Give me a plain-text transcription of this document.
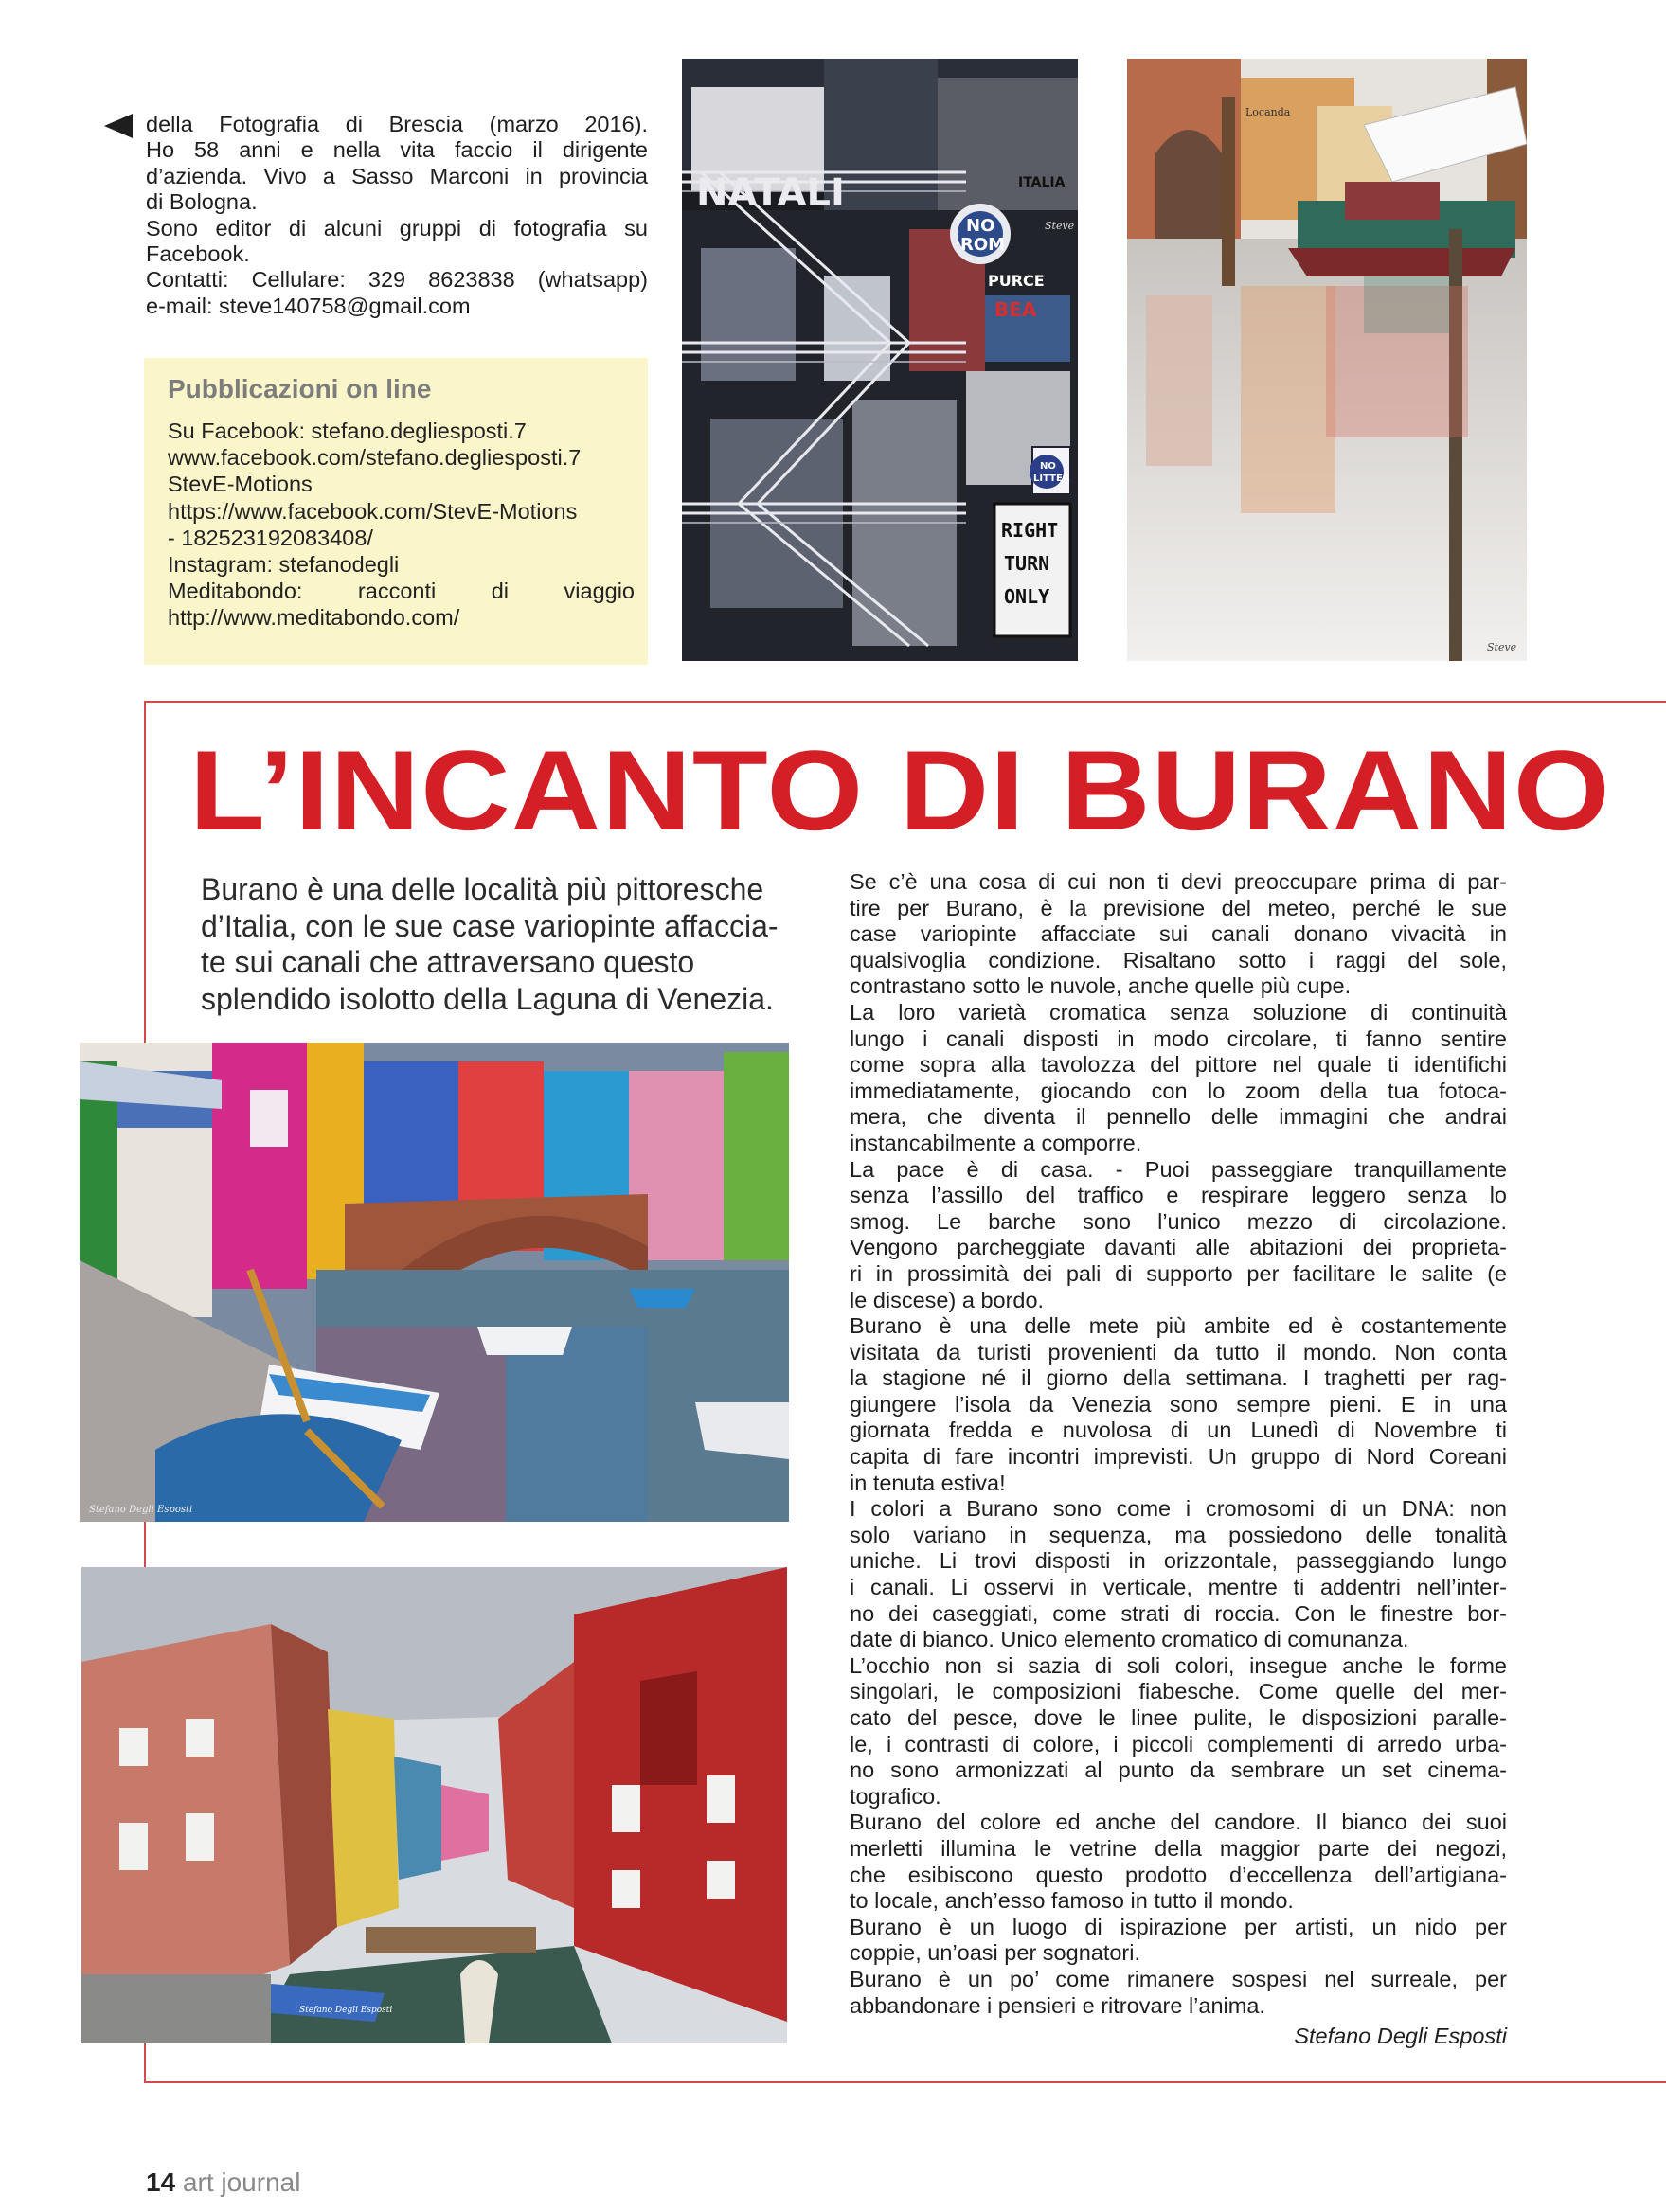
della Fotografia di Brescia (marzo 2016).
Ho 58 anni e nella vita faccio il dirigente
d’azienda. Vivo a Sasso Marconi in provincia
di Bologna.
Sono editor di alcuni gruppi di fotografia su
Facebook.
Contatti: Cellulare: 329 8623838 (whatsapp)
e-mail: steve140758@gmail.com
Pubblicazioni on line
Su Facebook: stefano.degliesposti.7
www.facebook.com/stefano.degliesposti.7
StevE-Motions
https://www.facebook.com/StevE-Motions
- 182523192083408/
Instagram: stefanodegli
Meditabondo: racconti di viaggio
http://www.meditabondo.com/
NATALI	ITALIA
NO
ROM
PURCE
BEA
NO
LITTER
RIGHT
TURN
ONLY
Steve
Locanda
Steve
L’INCANTO DI BURANO
Burano è una delle località più pittoresche
d’Italia, con le sue case variopinte affaccia-
te sui canali che attraversano questo
splendido isolotto della Laguna di Venezia.
Stefano Degli Esposti
Stefano Degli Esposti
Se c’è una cosa di cui non ti devi preoccupare prima di par-
tire per Burano, è la previsione del meteo, perché le sue
case variopinte affacciate sui canali donano vivacità in
qualsivoglia condizione. Risaltano sotto i raggi del sole,
contrastano sotto le nuvole, anche quelle più cupe.
La loro varietà cromatica senza soluzione di continuità
lungo i canali disposti in modo circolare, ti fanno sentire
come sopra alla tavolozza del pittore nel quale ti identifichi
immediatamente, giocando con lo zoom della tua fotoca-
mera, che diventa il pennello delle immagini che andrai
instancabilmente a comporre.
La pace è di casa. - Puoi passeggiare tranquillamente
senza l’assillo del traffico e respirare leggero senza lo
smog. Le barche sono l’unico mezzo di circolazione.
Vengono parcheggiate davanti alle abitazioni dei proprieta-
ri in prossimità dei pali di supporto per facilitare le salite (e
le discese) a bordo.
Burano è una delle mete più ambite ed è costantemente
visitata da turisti provenienti da tutto il mondo. Non conta
la stagione né il giorno della settimana. I traghetti per rag-
giungere l’isola da Venezia sono sempre pieni. E in una
giornata fredda e nuvolosa di un Lunedì di Novembre ti
capita di fare incontri imprevisti. Un gruppo di Nord Coreani
in tenuta estiva!
I colori a Burano sono come i cromosomi di un DNA: non
solo variano in sequenza, ma possiedono delle tonalità
uniche. Li trovi disposti in orizzontale, passeggiando lungo
i canali. Li osservi in verticale, mentre ti addentri nell’inter-
no dei caseggiati, come strati di roccia. Con le finestre bor-
date di bianco. Unico elemento cromatico di comunanza.
L’occhio non si sazia di soli colori, insegue anche le forme
singolari, le composizioni fiabesche. Come quelle del mer-
cato del pesce, dove le linee pulite, le disposizioni paralle-
le, i contrasti di colore, i piccoli complementi di arredo urba-
no sono armonizzati al punto da sembrare un set cinema-
tografico.
Burano del colore ed anche del candore. Il bianco dei suoi
merletti illumina le vetrine della maggior parte dei negozi,
che esibiscono questo prodotto d’eccellenza dell’artigiana-
to locale, anch’esso famoso in tutto il mondo.
Burano è un luogo di ispirazione per artisti, un nido per
coppie, un’oasi per sognatori.
Burano è un po’ come rimanere sospesi nel surreale, per
abbandonare i pensieri e ritrovare l’anima.
Stefano Degli Esposti
14 art journal
